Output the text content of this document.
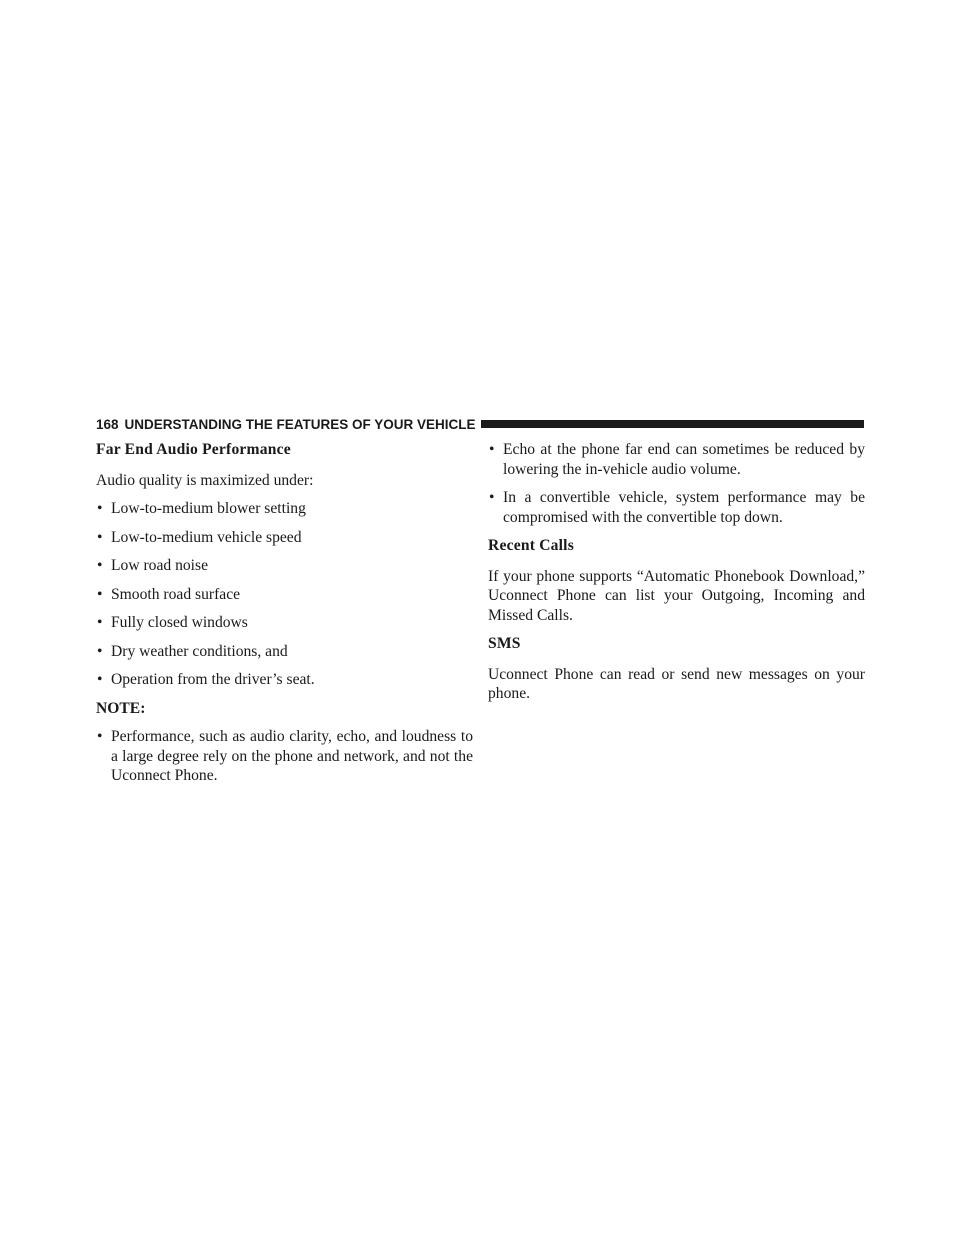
168 UNDERSTANDING THE FEATURES OF YOUR VEHICLE
Far End Audio Performance

Audio quality is maximized under:

• Low-to-medium blower setting
• Low-to-medium vehicle speed
• Low road noise
• Smooth road surface
• Fully closed windows
• Dry weather conditions, and
• Operation from the driver’s seat.
NOTE:
• Performance, such as audio clarity, echo, and loudness to a large degree rely on the phone and network, and not the Uconnect Phone.
• Echo at the phone far end can sometimes be reduced by lowering the in-vehicle audio volume.
• In a convertible vehicle, system performance may be compromised with the convertible top down.
Recent Calls

If your phone supports “Automatic Phonebook Download,” Uconnect Phone can list your Outgoing, Incoming and Missed Calls.

SMS

Uconnect Phone can read or send new messages on your phone.
